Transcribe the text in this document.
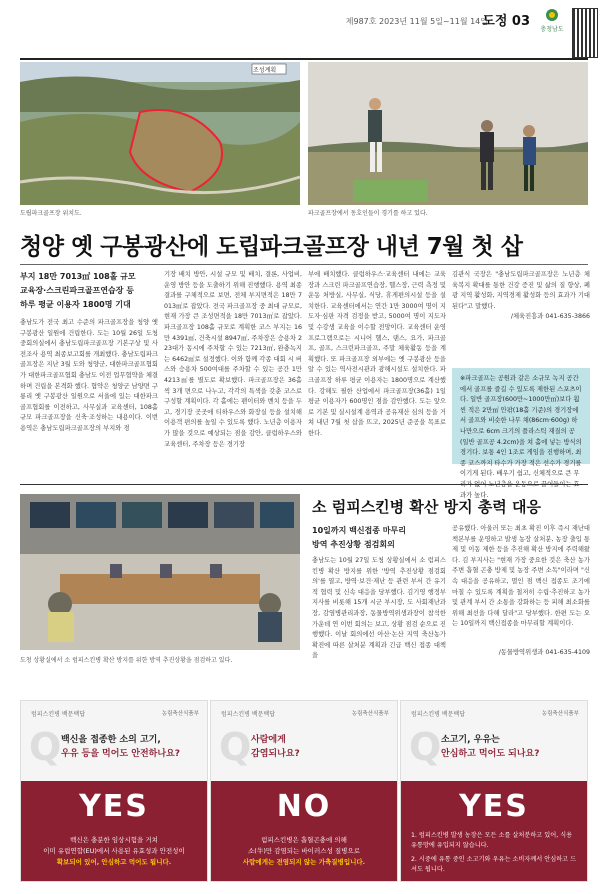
제987호 2023년 11월 5일~11월 14일
도정 03
충청남도
조성계획
도립파크골프장 위치도.	파크골프장에서 동호인들이 경기를 하고 있다.
청양 옛 구봉광산에 도립파크골프장 내년 7월 첫 삽
부지 18만 7013㎡ 108홀 규모
교육장·스크린파크골프연습장 등
하루 평균 이용자 1800명 기대
충남도가 전국 최고 수준의 파크골프장을 청양 옛 구봉광산 일원에 건립한다. 도는 10월 26일 도청 중회의실에서 충남도립파크골프장 기본구상 및 사전조사 용역 최종보고회를 개최했다. 충남도립파크골프장은 지난 3월 도와 청양군, 대한파크골프협회가 대한파크골프협회 충남도 이전 업무협약을 체결하며 건립을 본격화 했다. 협약은 청양군 남양면 구룡리 옛 구봉광산 일원으로 서울에 있는 대한파크골프협회를 이전하고, 사무실과 교육센터, 108홀 규모 파크골프장을 신축·조성하는 내용이다. 이번 용역은 충남도립파크골프장의 부지와 경
기장 배치 방안, 시설 규모 및 배치, 결론, 사업비, 운영 방안 등을 도출하기 위해 진행했다. 용역 최종 결과를 구체적으로 보면, 전체 부지면적은 18만 7013㎡로 잡았다. 전국 파크골프장 중 최대 규모로, 현재 가장 큰 조성면적을 18만 7013㎡로 잡았다. 파크골프장 108홀 규모로 계획한 코스 부지는 16만 4391㎡, 건축시설 8947㎡, 주차장은 승용차 223대가 동시에 주차할 수 있는 7213㎡, 완충녹지는 6462㎡로 설정했다. 이와 함께 각종 대회 시 버스와 승용차 500여대를 주차할 수 있는 공간 1만 4213㎡를 별도로 확보했다. 파크골프장은 36홀 씩 3개 면으로 나누고, 각각의 특색을 갖춘 코스로 구성할 계획이다. 각 홀에는 팬이터와 벤치 등을 두고, 경기장 곳곳에 티하우스와 화장실 등을 설치해 이용객 편의를 높일 수 있도록 했다. 노년층 이용자가 많을 것으로 예상되는 점을 감안, 클럽하우스와 교육센터, 주차장 등은 경기장
부에 배치했다. 클럽하우스·교육센터 내에는 교육장과 스크린 파크골프연습장, 헬스장, 근력 측정 및 운동 처방실, 사무실, 식당, 휴게편의시설 등을 설치한다. 교육센터에서는 연간 1만 3000여 명이 지도자·심판 자격 검정을 받고, 5000여 명이 지도자 및 수강생 교육을 이수할 전망이다. 교육센터 운영 프로그램으로는 시니어 헬스, 댄스, 요가, 파크골프, 골프, 스크린파크골프, 주말 체육활동 등을 계획했다. 또 파크골프장 외부에는 옛 구봉광산 등을 알 수 있는 역사전시관과 광해시설도 설치한다. 파크골프장 하루 평균 이용자는 1800명으로 계산했다. 강해도 필한 산업에서 파크골프장(36홀) 1일 평균 이용자가 600명인 점을 감안했다. 도는 앞으로 기본 및 실시설계 용역과 공유재산 심의 등을 거쳐 내년 7월 첫 삽을 뜨고, 2025년 준공을 목표로 한다.
김관식 국장은 "충남도립파크골프장은 노년층 체육복지 확대를 통한 건강 증진 및 삶의 질 향상, 폐광 지역 활성화, 지역경제 활성화 등의 효과가 기대된다"고 말했다.
/체육진흥과 041-635-3866
※파크골프는 공원과 같은 소규모 녹지 공간에서 골프를 즐길 수 있도록 제한된 스포츠이다. 일반 골프장(600만~1000만㎡)보다 훨씬 적은 2만㎡ 안팎(18홀 기준)의 경기장에서 골프와 비슷한 나무 채(86cm·600g) 하나만으로 6cm 크기의 플라스틱 재질의 공(일반 골프공 4.2cm)을 쳐 홀에 넣는 방식의 경기다. 보통 4인 1조로 게임을 진행하며, 최종 코스까지 타수가 가장 적은 선수가 경기를 이기게 된다. 배우기 쉽고, 신체적으로 큰 무리가 없어 노년층을 운동으로 끌어들이는 효과가 높다.
도청 상황실에서 소 럼피스킨병 확산 방지를 위한 방역 추진상황을 점검하고 있다.
소 럼피스킨병 확산 방지 총력 대응
10일까지 백신접종 마무리
방역 추진상황 점검회의
충남도는 10월 27일 도청 상황실에서 소 럼피스킨병 확산 방지를 위한 '방역 추진상황 점검회의'를 열고, 방역·보건·재난 등 관련 부서 간 유기적 협력 및 신속 대응을 당부했다. 김기영 행정부지사를 비롯해 15개 시군 부시장, 도 사회재난과장, 감염병관리과장, 동물방역위생과장이 참석한 가운데 연 이번 회의는 보고, 상황 점검 순으로 진행했다. 이날 회의에선 아산·논산 지역 축산농가 확진에 따른 살처분 계획과 긴급 백신 접종 대책을
공유했다. 아울러 또는 최초 확진 이후 즉시 재난대책본부를 운영하고 발생 농장 살처분, 농장 출입 통제 및 이동 제한 등을 추진해 확산 방지에 주력해왔다. 김 부지사는 "현재 가장 중요한 것은 축산 농가 주변 흡혈 곤충 방제 및 농장 주변 소독"이라며 "신속 대응을 공유하고, 멸인 점 백신 접종도 조기에 마칠 수 있도록 계획을 철저히 수립·추진하고 농가 및 관계 부서 간 소통을 강화하는 등 피해 최소화를 위해 최선을 다해 달라"고 당부했다. 한편 도는 오는 10일까지 백신접종을 마무리할 계획이다.
/동물방역위생과 041-635-4109
럼피스킨병 백문백답	농림축산식품부
Q 백신을 접종한 소의 고기,
우유 등을 먹어도 안전하나요?
YES
백신은 충분한 임상시험을 거쳐
이미 유럽연합(EU)에서 사용된 유효성과 안전성이
확보되어 있어, 안심하고 먹어도 됩니다.
럼피스킨병 백문백답	농림축산식품부
Q 사람에게
감염되나요?
NO
럼피스킨병은 흡혈곤충에 의해
소(牛)만 감염되는 바이러스성 질병으로
사람에게는 전염되지 않는 가축질병입니다.
럼피스킨병 백문백답	농림축산식품부
Q 소고기, 우유는
안심하고 먹어도 되나요?
YES
1. 럼피스킨병 발생 농장은 모든 소를 살처분하고 있어, 식용 유통망에 유입되지 않습니다.
2. 시중에 유통 중인 소고기와 우유는 소비자께서 안심하고 드셔도 됩니다.
